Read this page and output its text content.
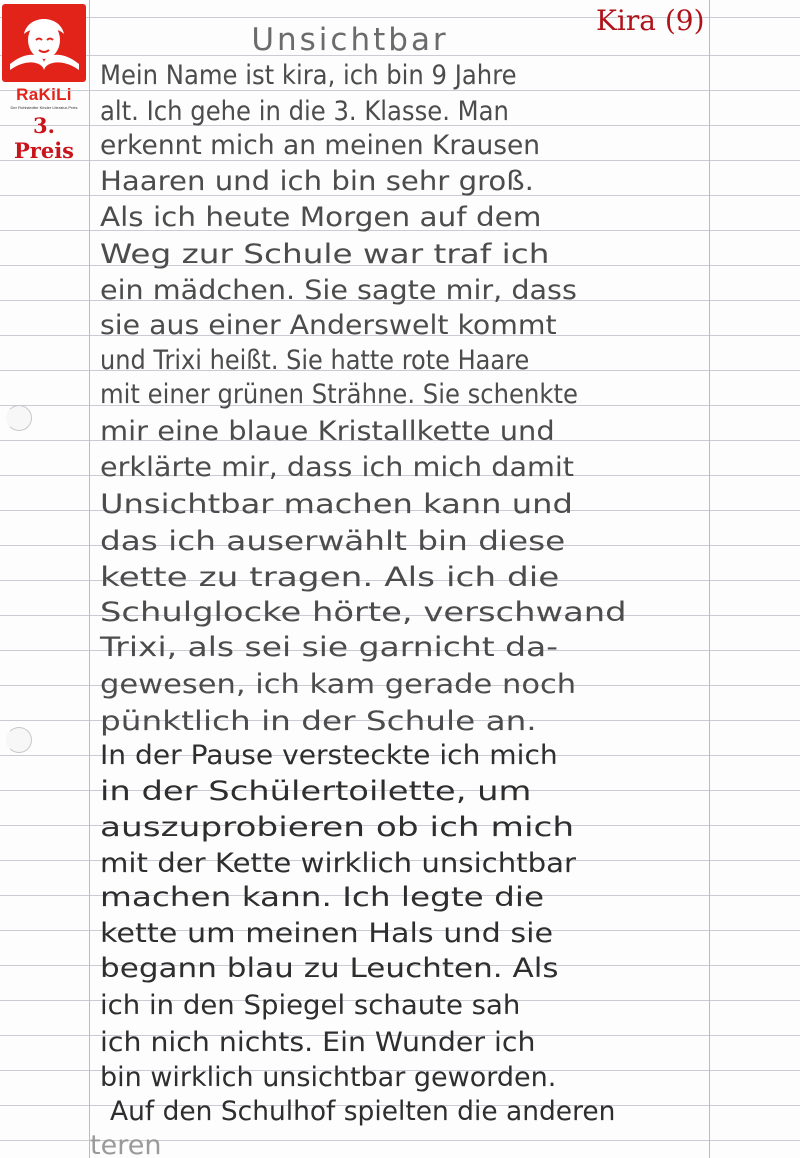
RaKiLi
Der Rohlstedter Kinder Literatur-Preis
3. Preis
Kira (9)
Unsichtbar
Mein Name ist kira, ich bin 9 Jahre
alt. Ich gehe in die 3. Klasse. Man
erkennt mich an meinen Krausen
Haaren und ich bin sehr groß.
Als ich heute Morgen auf dem
Weg zur Schule war traf ich
ein mädchen. Sie sagte mir, dass
sie aus einer Anderswelt kommt
und Trixi heißt. Sie hatte rote Haare
mit einer grünen Strähne. Sie schenkte
mir eine blaue Kristallkette und
erklärte mir, dass ich mich damit
Unsichtbar machen kann und
das ich auserwählt bin diese
kette zu tragen. Als ich die
Schulglocke hörte, verschwand
Trixi, als sei sie garnicht da-
gewesen, ich kam gerade noch
pünktlich in der Schule an.
In der Pause versteckte ich mich
in der Schülertoilette, um
auszuprobieren ob ich mich
mit der Kette wirklich unsichtbar
machen kann. Ich legte die
kette um meinen Hals und sie
begann blau zu Leuchten. Als
ich in den Spiegel schaute sah
ich nich nichts. Ein Wunder ich
bin wirklich unsichtbar geworden.
Auf den Schulhof spielten die anderen
teren
